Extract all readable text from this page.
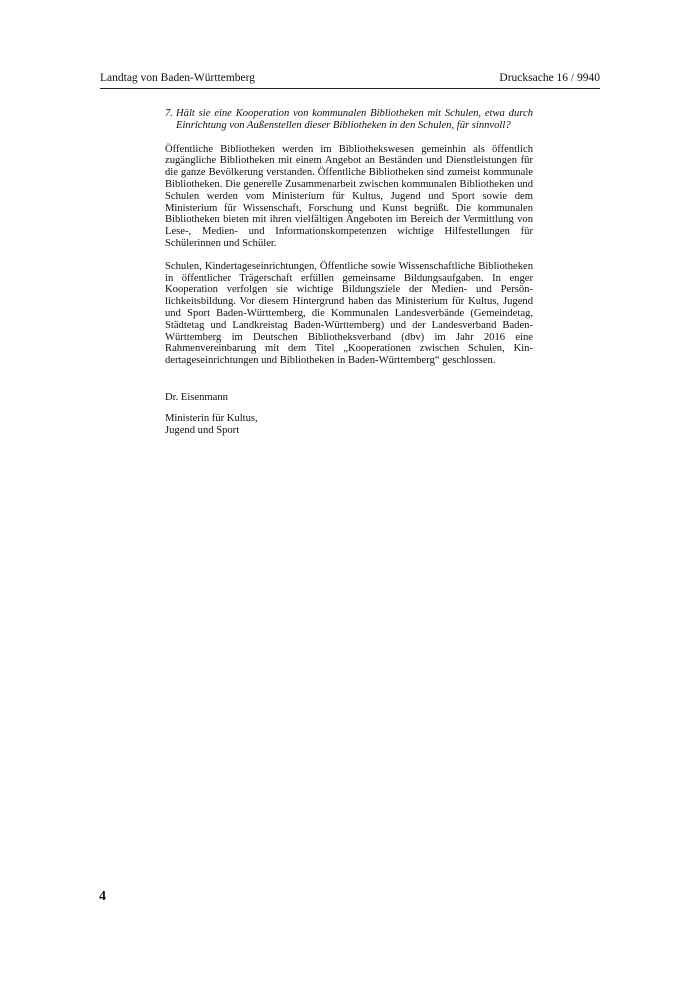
Landtag von Baden-Württemberg	Drucksache 16 / 9940
7. Hält sie eine Kooperation von kommunalen Bibliotheken mit Schulen, etwa durch Einrichtung von Außenstellen dieser Bibliotheken in den Schulen, für sinnvoll?

Öffentliche Bibliotheken werden im Bibliothekswesen gemeinhin als öffentlich zugängliche Bibliotheken mit einem Angebot an Beständen und Dienstleistungen für die ganze Bevölkerung verstanden. Öffentliche Bibliotheken sind zumeist kommunale Bibliotheken. Die generelle Zusammenarbeit zwischen kommunalen Bibliotheken und Schulen werden vom Ministerium für Kultus, Jugend und Sport sowie dem Ministerium für Wissenschaft, Forschung und Kunst begrüßt. Die kommunalen Bibliotheken bieten mit ihren vielfältigen Angeboten im Bereich der Vermittlung von Lese-, Medien- und Informationskompetenzen wichtige Hilfestellungen für Schülerinnen und Schüler.

Schulen, Kindertageseinrichtungen, Öffentliche sowie Wissenschaftliche Bibliotheken in öffentlicher Trägerschaft erfüllen gemeinsame Bildungsaufgaben. In enger Kooperation verfolgen sie wichtige Bildungsziele der Medien- und Persönlichkeitsbildung. Vor diesem Hintergrund haben das Ministerium für Kultus, Jugend und Sport Baden-Württemberg, die Kommunalen Landesverbände (Gemeindetag, Städtetag und Landkreistag Baden-Württemberg) und der Landesverband Baden-Württemberg im Deutschen Bibliotheksverband (dbv) im Jahr 2016 eine Rahmenvereinbarung mit dem Titel „Kooperationen zwischen Schulen, Kindertageseinrichtungen und Bibliotheken in Baden-Württemberg“ geschlossen.

Dr. Eisenmann

Ministerin für Kultus,

Jugend und Sport

4
